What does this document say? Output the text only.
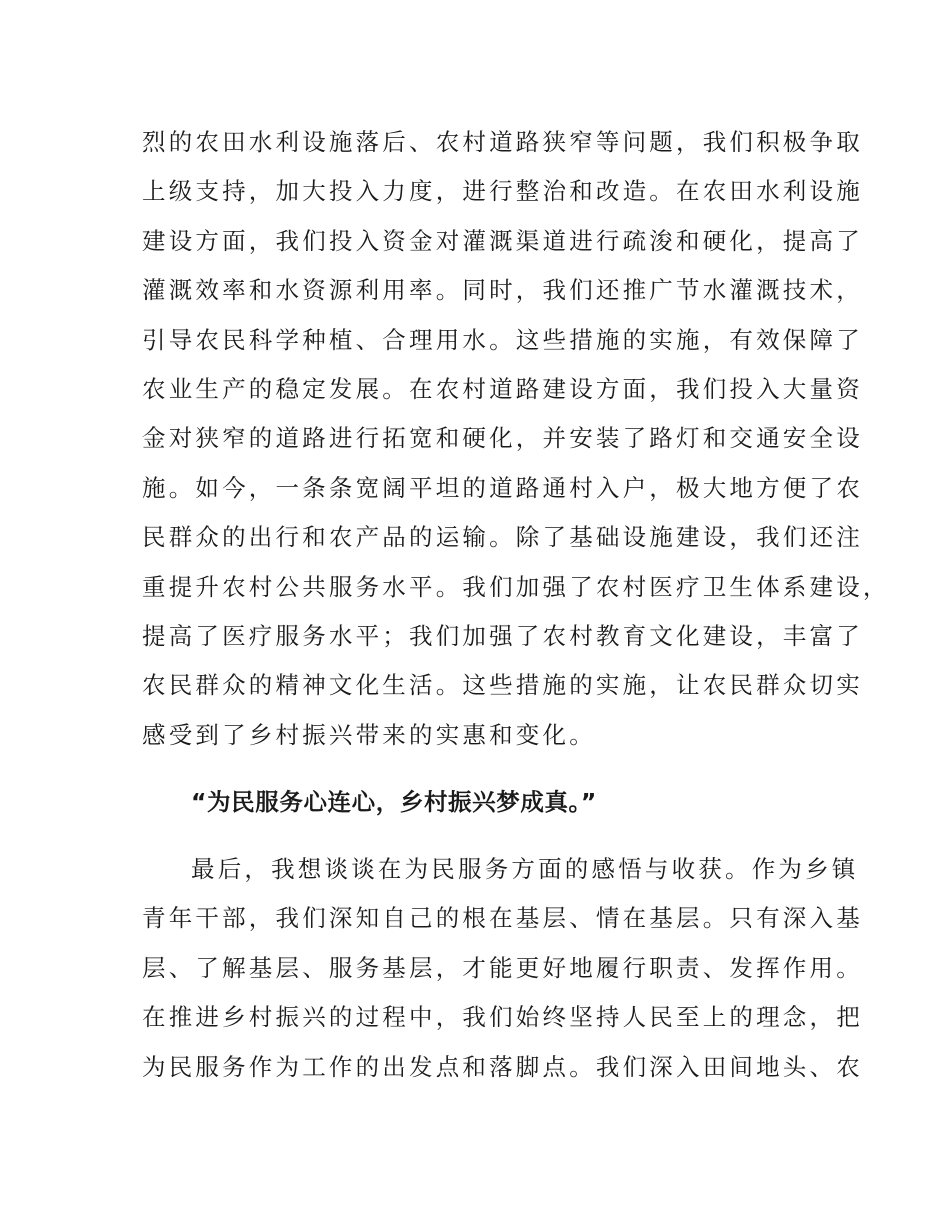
烈的农田水利设施落后、农村道路狭窄等问题，我们积极争取
上级支持，加大投入力度，进行整治和改造。在农田水利设施
建设方面，我们投入资金对灌溉渠道进行疏浚和硬化，提高了
灌溉效率和水资源利用率。同时，我们还推广节水灌溉技术，
引导农民科学种植、合理用水。这些措施的实施，有效保障了
农业生产的稳定发展。在农村道路建设方面，我们投入大量资
金对狭窄的道路进行拓宽和硬化，并安装了路灯和交通安全设
施。如今，一条条宽阔平坦的道路通村入户，极大地方便了农
民群众的出行和农产品的运输。除了基础设施建设，我们还注
重提升农村公共服务水平。我们加强了农村医疗卫生体系建设，
提高了医疗服务水平；我们加强了农村教育文化建设，丰富了
农民群众的精神文化生活。这些措施的实施，让农民群众切实
感受到了乡村振兴带来的实惠和变化。
“为民服务心连心，乡村振兴梦成真。”
最后，我想谈谈在为民服务方面的感悟与收获。作为乡镇
青年干部，我们深知自己的根在基层、情在基层。只有深入基
层、了解基层、服务基层，才能更好地履行职责、发挥作用。
在推进乡村振兴的过程中，我们始终坚持人民至上的理念，把
为民服务作为工作的出发点和落脚点。我们深入田间地头、农
